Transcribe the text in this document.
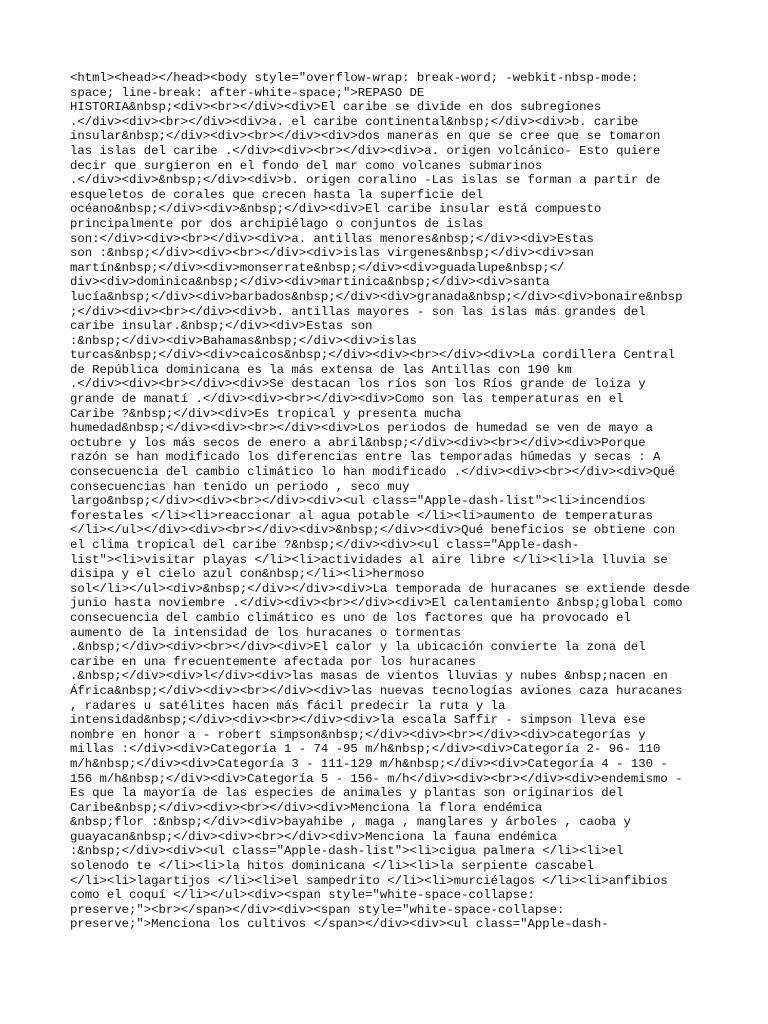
<html><head></head><body style="overflow-wrap: break-word; -webkit-nbsp-mode:
space; line-break: after-white-space;">REPASO DE
HISTORIA&nbsp;<div><br></div><div>El caribe se divide en dos subregiones
.</div><div><br></div><div>a. el caribe continental&nbsp;</div><div>b. caribe
insular&nbsp;</div><div><br></div><div>dos maneras en que se cree que se tomaron
las islas del caribe .</div><div><br></div><div>a. origen volcánico- Esto quiere
decir que surgieron en el fondo del mar como volcanes submarinos
.</div><div>&nbsp;</div><div>b. origen coralino -Las islas se forman a partir de
esqueletos de corales que crecen hasta la superficie del
océano&nbsp;</div><div>&nbsp;</div><div>El caribe insular está compuesto
principalmente por dos archipiélago o conjuntos de islas
son:</div><div><br></div><div>a. antillas menores&nbsp;</div><div>Estas
son :&nbsp;</div><div><br></div><div>islas virgenes&nbsp;</div><div>san
martín&nbsp;</div><div>monserrate&nbsp;</div><div>guadalupe&nbsp;</
div><div>dominica&nbsp;</div><div>martinica&nbsp;</div><div>santa
lucía&nbsp;</div><div>barbados&nbsp;</div><div>granada&nbsp;</div><div>bonaire&nbsp
;</div><div><br></div><div>b. antillas mayores - son las islas más grandes del
caribe insular.&nbsp;</div><div>Estas son
:&nbsp;</div><div>Bahamas&nbsp;</div><div>islas
turcas&nbsp;</div><div>caicos&nbsp;</div><div><br></div><div>La cordillera Central
de República dominicana es la más extensa de las Antillas con 190 km
.</div><div><br></div><div>Se destacan los ríos son los Ríos grande de loiza y
grande de manatí .</div><div><br></div><div>Como son las temperaturas en el
Caribe ?&nbsp;</div><div>Es tropical y presenta mucha
humedad&nbsp;</div><div><br></div><div>Los periodos de humedad se ven de mayo a
octubre y los más secos de enero a abril&nbsp;</div><div><br></div><div>Porque
razón se han modificado los diferencias entre las temporadas húmedas y secas : A
consecuencia del cambio climático lo han modificado .</div><div><br></div><div>Qué
consecuencias han tenido un periodo , seco muy
largo&nbsp;</div><div><br></div><div><ul class="Apple-dash-list"><li>incendios
forestales </li><li>reaccionar al agua potable </li><li>aumento de temperaturas
</li></ul></div><div><br></div><div>&nbsp;</div><div>Qué beneficios se obtiene con
el clima tropical del caribe ?&nbsp;</div><div><ul class="Apple-dash-
list"><li>visitar playas </li><li>actividades al aire libre </li><li>la lluvia se
disipa y el cielo azul con&nbsp;</li><li>hermoso
sol</li></ul><div>&nbsp;</div></div><div>La temporada de huracanes se extiende desde
junio hasta noviembre .</div><div><br></div><div>El calentamiento &nbsp;global como
consecuencia del cambio climático es uno de los factores que ha provocado el
aumento de la intensidad de los huracanes o tormentas
.&nbsp;</div><div><br></div><div>El calor y la ubicación convierte la zona del
caribe en una frecuentemente afectada por los huracanes
.&nbsp;</div><div>l</div><div>las masas de vientos lluvias y nubes &nbsp;nacen en
África&nbsp;</div><div><br></div><div>las nuevas tecnologías aviones caza huracanes
, radares u satélites hacen más fácil predecir la ruta y la
intensidad&nbsp;</div><div><br></div><div>la escala Saffir - simpson lleva ese
nombre en honor a - robert simpson&nbsp;</div><div><br></div><div>categorías y
millas :</div><div>Categoría 1 - 74 -95 m/h&nbsp;</div><div>Categoría 2- 96- 110
m/h&nbsp;</div><div>Categoría 3 - 111-129 m/h&nbsp;</div><div>Categoría 4 - 130 -
156 m/h&nbsp;</div><div>Categoría 5 - 156- m/h</div><div><br></div><div>endemismo -
Es que la mayoría de las especies de animales y plantas son originarios del
Caribe&nbsp;</div><div><br></div><div>Menciona la flora endémica
&nbsp;flor :&nbsp;</div><div>bayahibe , maga , manglares y árboles , caoba y
guayacan&nbsp;</div><div><br></div><div>Menciona la fauna endémica
:&nbsp;</div><div><ul class="Apple-dash-list"><li>cigua palmera </li><li>el
solenodo te </li><li>la hitos dominicana </li><li>la serpiente cascabel
</li><li>lagartijos </li><li>el sampedrito </li><li>murciélagos </li><li>anfibios
como el coquí </li></ul><div><span style="white-space-collapse:
preserve;"><br></span></div><div><span style="white-space-collapse:
preserve;">Menciona los cultivos </span></div><div><ul class="Apple-dash-
